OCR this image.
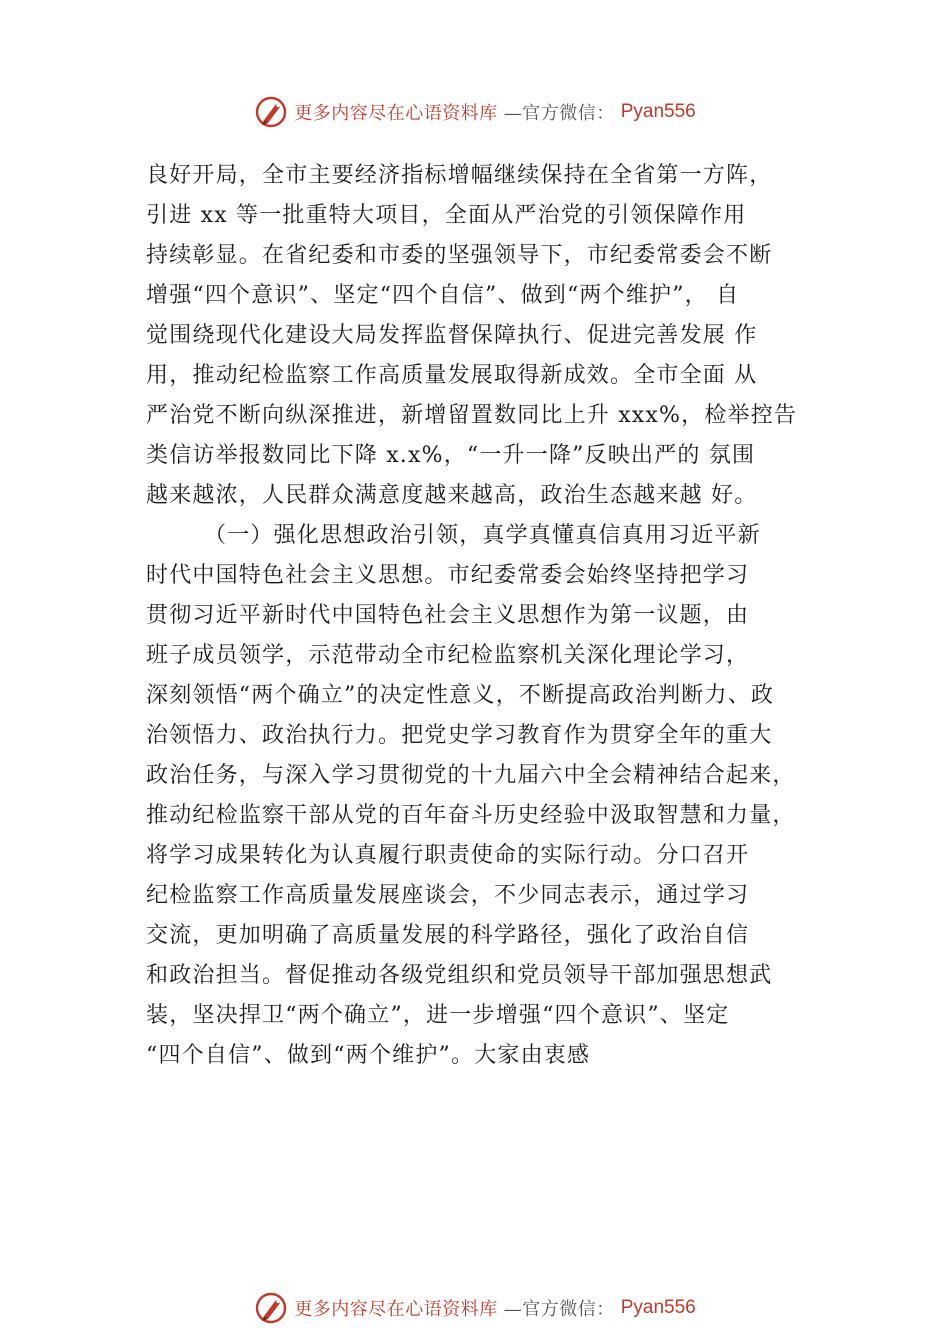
更多内容尽在心语资料库 —官方微信： Pyan556
良好开局，全市主要经济指标增幅继续保持在全省第一方阵，
引进 xx 等一批重特大项目，全面从严治党的引领保障作用
持续彰显。在省纪委和市委的坚强领导下，市纪委常委会不断
增强“四个意识”、坚定“四个自信”、做到“两个维护”， 自
觉围绕现代化建设大局发挥监督保障执行、促进完善发展 作
用，推动纪检监察工作高质量发展取得新成效。全市全面 从
严治党不断向纵深推进，新增留置数同比上升 xxx%，检举控告
类信访举报数同比下降 x.x%，“一升一降”反映出严的 氛围
越来越浓，人民群众满意度越来越高，政治生态越来越 好。
（一）强化思想政治引领，真学真懂真信真用习近平新
时代中国特色社会主义思想。市纪委常委会始终坚持把学习
贯彻习近平新时代中国特色社会主义思想作为第一议题，由
班子成员领学，示范带动全市纪检监察机关深化理论学习，
深刻领悟“两个确立”的决定性意义，不断提高政治判断力、政
治领悟力、政治执行力。把党史学习教育作为贯穿全年的重大
政治任务，与深入学习贯彻党的十九届六中全会精神结合起来，
推动纪检监察干部从党的百年奋斗历史经验中汲取智慧和力量，
将学习成果转化为认真履行职责使命的实际行动。分口召开
纪检监察工作高质量发展座谈会，不少同志表示，通过学习
交流，更加明确了高质量发展的科学路径，强化了政治自信
和政治担当。督促推动各级党组织和党员领导干部加强思想武
装，坚决捍卫“两个确立”，进一步增强“四个意识”、坚定
“四个自信”、做到“两个维护”。大家由衷感
更多内容尽在心语资料库 —官方微信： Pyan556
